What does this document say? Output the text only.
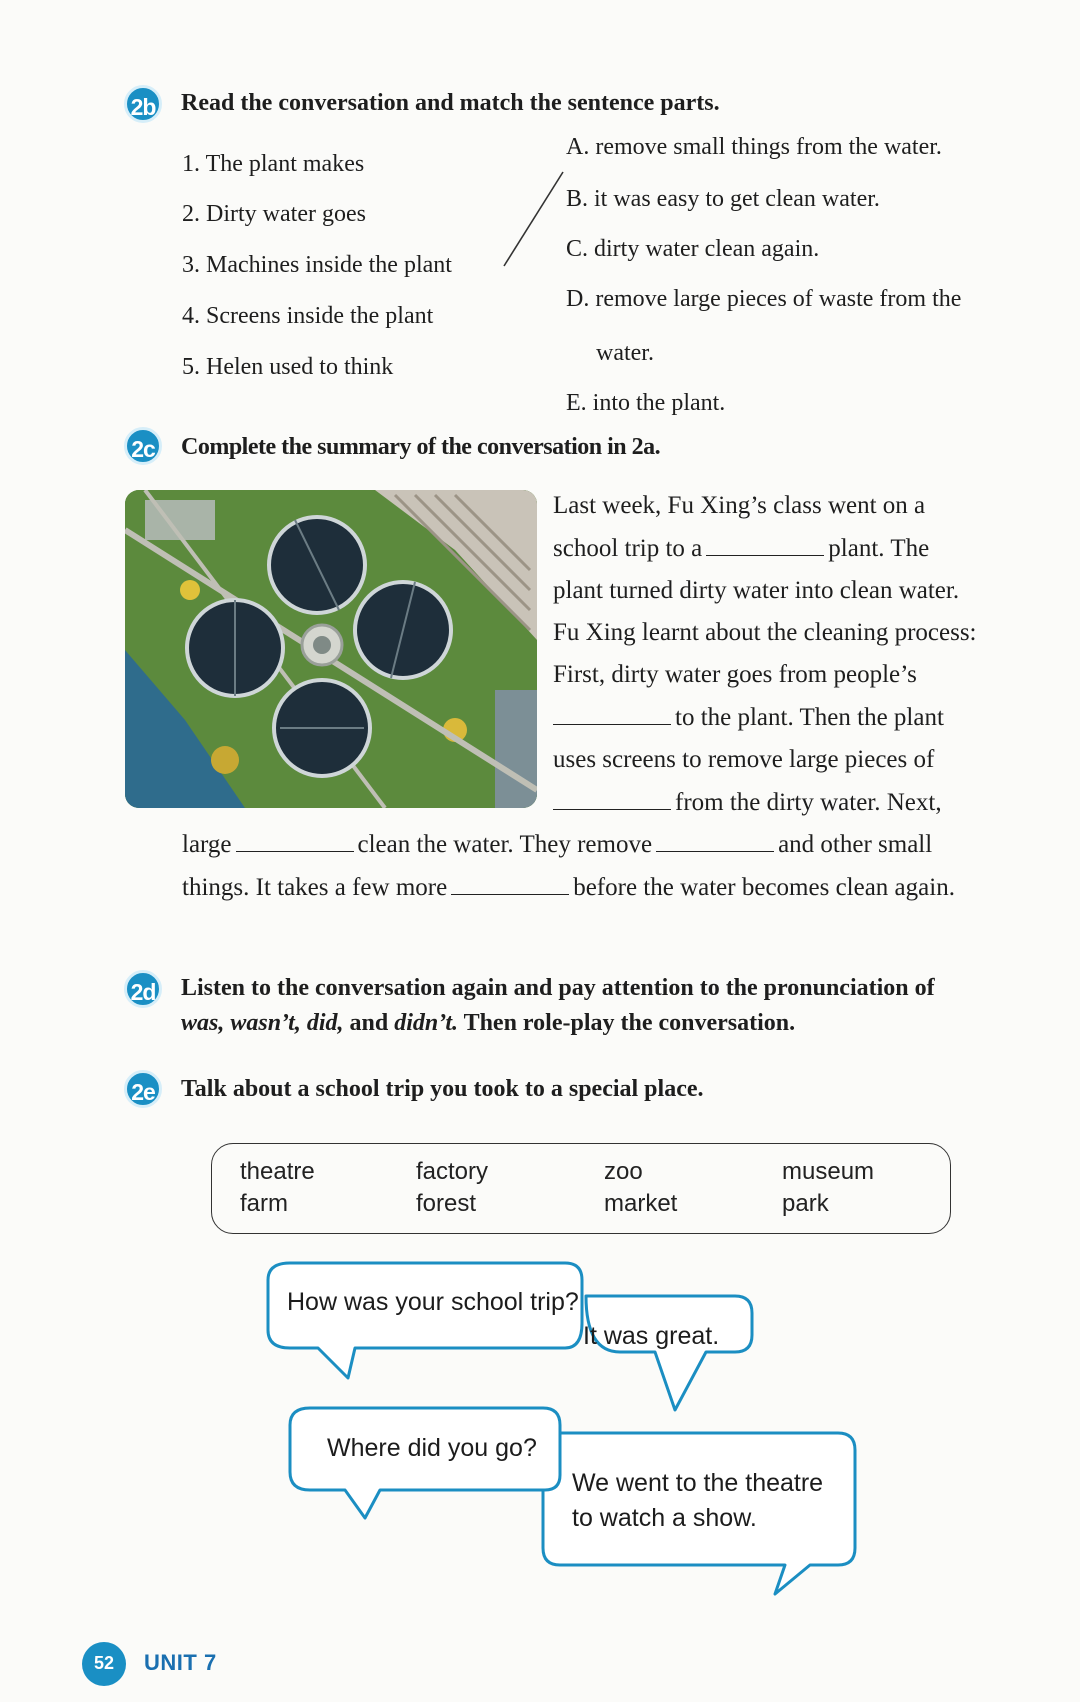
2b Read the conversation and match the sentence parts.
1. The plant makes
2. Dirty water goes
3. Machines inside the plant
4. Screens inside the plant
5. Helen used to think
A. remove small things from the water.
B. it was easy to get clean water.
C. dirty water clean again.
D. remove large pieces of waste from the
water.
E. into the plant.
2c	Complete the summary of the conversation in 2a.
Last week, Fu Xing’s class went on a
school trip to a	plant. The
plant turned dirty water into clean water.
Fu Xing learnt about the cleaning process:
First, dirty water goes from people’s
to the plant. Then the plant
uses screens to remove large pieces of
from the dirty water. Next,
large	clean the water. They remove	and other small
things. It takes a few more	before the water becomes clean again.
2d Listen to the conversation again and pay attention to the pronunciation of
was, wasn’t, did, and didn’t. Then role-play the conversation.
2e	Talk about a school trip you took to a special place.
theatre
farm
factory
forest
zoo
market
museum
park
How was your school trip?
It was great.
Where did you go?
We went to the theatre
to watch a show.
52	UNIT 7
